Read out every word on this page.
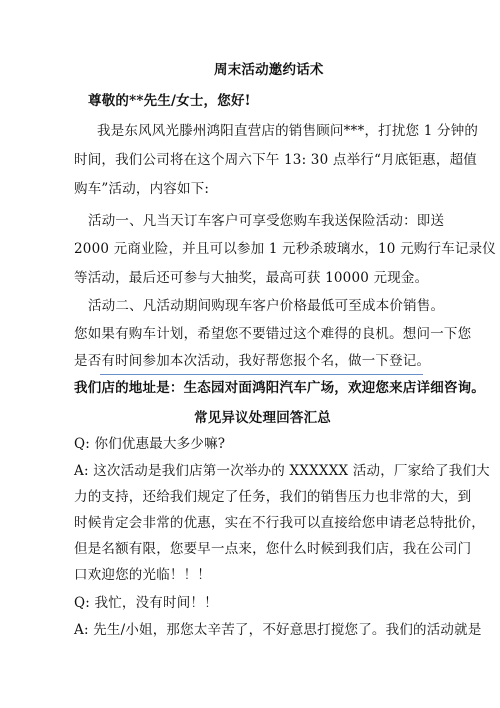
周末活动邀约话术
尊敬的**先生/女士，您好!
我是东风风光滕州鸿阳直营店的销售顾问***，打扰您 1 分钟的
时间，我们公司将在这个周六下午 13: 30 点举行“月底钜惠，超值
购车”活动，内容如下:
活动一、凡当天订车客户可享受您购车我送保险活动：即送
2000 元商业险，并且可以参加 1 元秒杀玻璃水，10 元购行车记录仪
等活动，最后还可参与大抽奖，最高可获 10000 元现金。
活动二、凡活动期间购现车客户价格最低可至成本价销售。
您如果有购车计划，希望您不要错过这个难得的良机。想问一下您
是否有时间参加本次活动，我好帮您报个名，做一下登记。
我们店的地址是：生态园对面鸿阳汽车广场，欢迎您来店详细咨询。
常见异议处理回答汇总
Q: 你们优惠最大多少嘛?
A: 这次活动是我们店第一次举办的 XXXXXX 活动，厂家给了我们大
力的支持，还给我们规定了任务，我们的销售压力也非常的大，到
时候肯定会非常的优惠，实在不行我可以直接给您申请老总特批价，
但是名额有限，您要早一点来，您什么时候到我们店，我在公司门
口欢迎您的光临！！！
Q: 我忙，没有时间！！
A: 先生/小姐，那您太辛苦了，不好意思打搅您了。我们的活动就是
